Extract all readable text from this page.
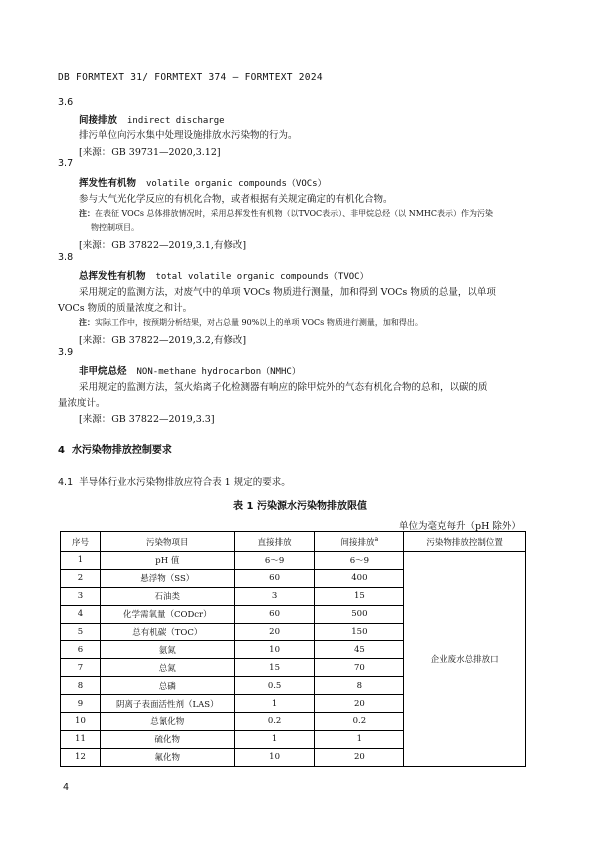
DB FORMTEXT 31/ FORMTEXT 374 — FORMTEXT 2024
3.6
间接排放 indirect discharge
排污单位向污水集中处理设施排放水污染物的行为。
[来源：GB 39731—2020,3.12]
3.7
挥发性有机物 volatile organic compounds（VOCs）
参与大气光化学反应的有机化合物，或者根据有关规定确定的有机化合物。
注：在表征 VOCs 总体排放情况时，采用总挥发性有机物（以TVOC表示）、非甲烷总烃（以 NMHC表示）作为污染
物控制项目。
[来源：GB 37822—2019,3.1,有修改]
3.8
总挥发性有机物 total volatile organic compounds（TVOC）
采用规定的监测方法，对废气中的单项 VOCs 物质进行测量，加和得到 VOCs 物质的总量，以单项
VOCs 物质的质量浓度之和计。
注：实际工作中，按预期分析结果，对占总量 90%以上的单项 VOCs 物质进行测量，加和得出。
[来源：GB 37822—2019,3.2,有修改]
3.9
非甲烷总烃 NON-methane hydrocarbon（NMHC）
采用规定的监测方法，氢火焰离子化检测器有响应的除甲烷外的气态有机化合物的总和，以碳的质
量浓度计。
[来源：GB 37822—2019,3.3]
4 水污染物排放控制要求
4.1 半导体行业水污染物排放应符合表 1 规定的要求。
表 1 污染源水污染物排放限值
单位为毫克每升（pH 除外）
序号	污染物项目	直接排放	间接排放$^a$	污染物排放控制位置
1	pH 值	6～9	6～9	企业废水总排放口
2	悬浮物（SS）	60	400	
3	石油类	3	15	
4	化学需氧量（CODcr）	60	500	
5	总有机碳（TOC）	20	150	
6	氨氮	10	45	
7	总氮	15	70	
8	总磷	0.5	8	
9	阴离子表面活性剂（LAS）	1	20	
10	总氰化物	0.2	0.2	
11	硫化物	1	1	
12	氟化物	10	20	
4
